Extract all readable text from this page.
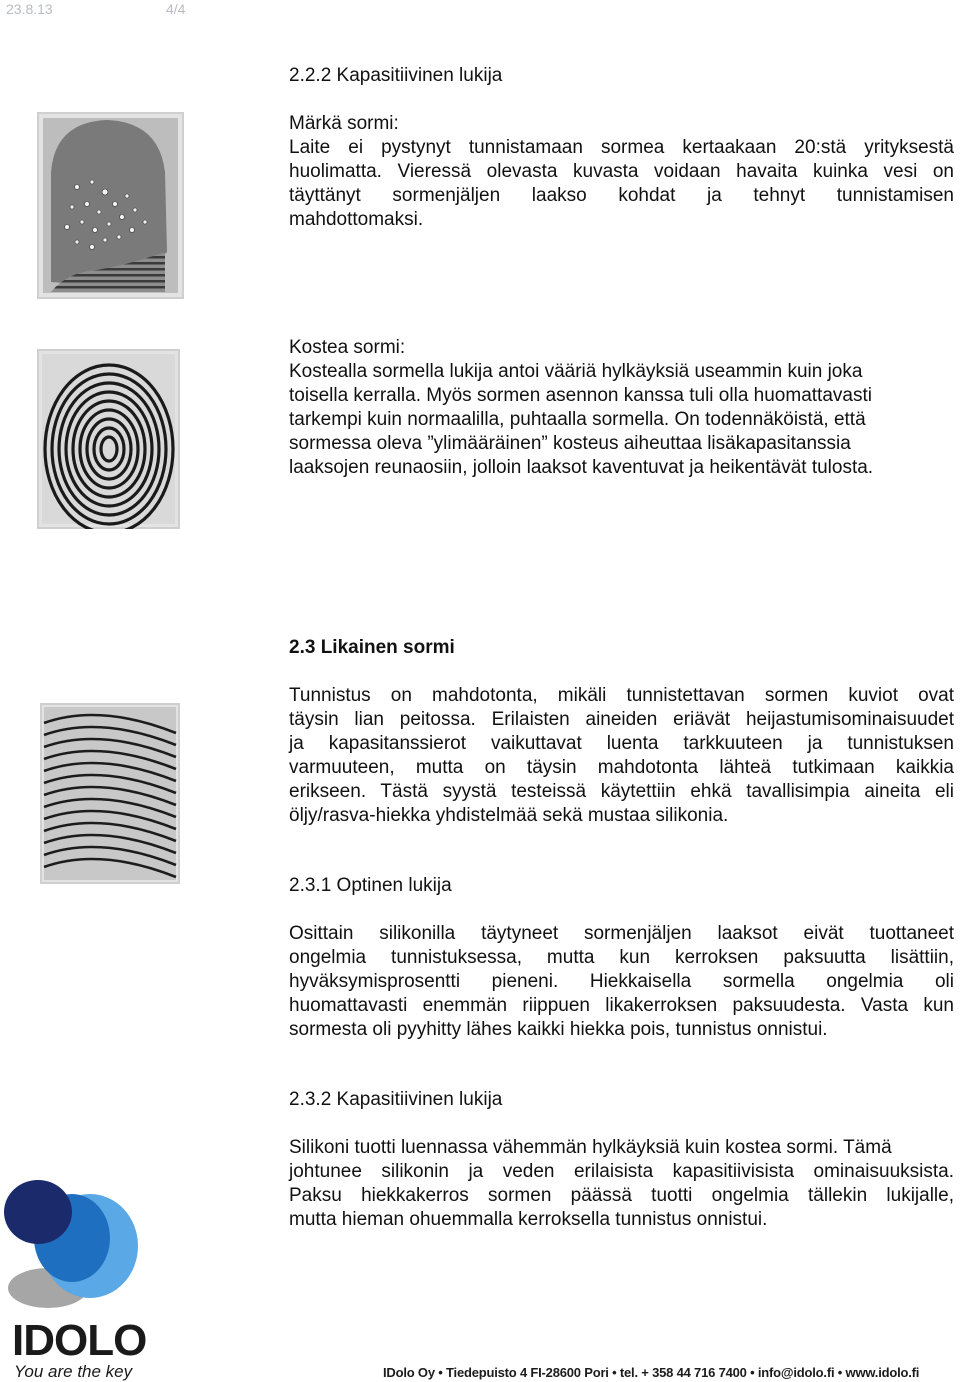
23.8.13	4/4
2.2.2 Kapasitiivinen lukija
Märkä sormi:
Laite ei pystynyt tunnistamaan sormea kertaakaan 20:stä yrityksestä
huolimatta. Vieressä olevasta kuvasta voidaan havaita kuinka vesi on
täyttänyt sormenjäljen laakso kohdat ja tehnyt tunnistamisen
mahdottomaksi.
Kostea sormi:
Kostealla sormella lukija antoi vääriä hylkäyksiä useammin kuin joka
toisella kerralla. Myös sormen asennon kanssa tuli olla huomattavasti
tarkempi kuin normaalilla, puhtaalla sormella. On todennäköistä, että
sormessa oleva ”ylimääräinen” kosteus aiheuttaa lisäkapasitanssia
laaksojen reunaosiin, jolloin laaksot kaventuvat ja heikentävät tulosta.
2.3 Likainen sormi
Tunnistus on mahdotonta, mikäli tunnistettavan sormen kuviot ovat
täysin lian peitossa. Erilaisten aineiden eriävät heijastumisominaisuudet
ja kapasitanssierot vaikuttavat luenta tarkkuuteen ja tunnistuksen
varmuuteen, mutta on täysin mahdotonta lähteä tutkimaan kaikkia
erikseen. Tästä syystä testeissä käytettiin ehkä tavallisimpia aineita eli
öljy/rasva-hiekka yhdistelmää sekä mustaa silikonia.
2.3.1 Optinen lukija
Osittain silikonilla täytyneet sormenjäljen laaksot eivät tuottaneet
ongelmia tunnistuksessa, mutta kun kerroksen paksuutta lisättiin,
hyväksymisprosentti pieneni. Hiekkaisella sormella ongelmia oli
huomattavasti enemmän riippuen likakerroksen paksuudesta. Vasta kun
sormesta oli pyyhitty lähes kaikki hiekka pois, tunnistus onnistui.
2.3.2 Kapasitiivinen lukija
Silikoni tuotti luennassa vähemmän hylkäyksiä kuin kostea sormi. Tämä
johtunee silikonin ja veden erilaisista kapasitiivisista ominaisuuksista.
Paksu hiekkakerros sormen päässä tuotti ongelmia tällekin lukijalle,
mutta hieman ohuemmalla kerroksella tunnistus onnistui.
IDOLO
You are the key	IDolo Oy • Tiedepuisto 4 FI-28600 Pori • tel. + 358 44 716 7400 • info@idolo.fi • www.idolo.fi
